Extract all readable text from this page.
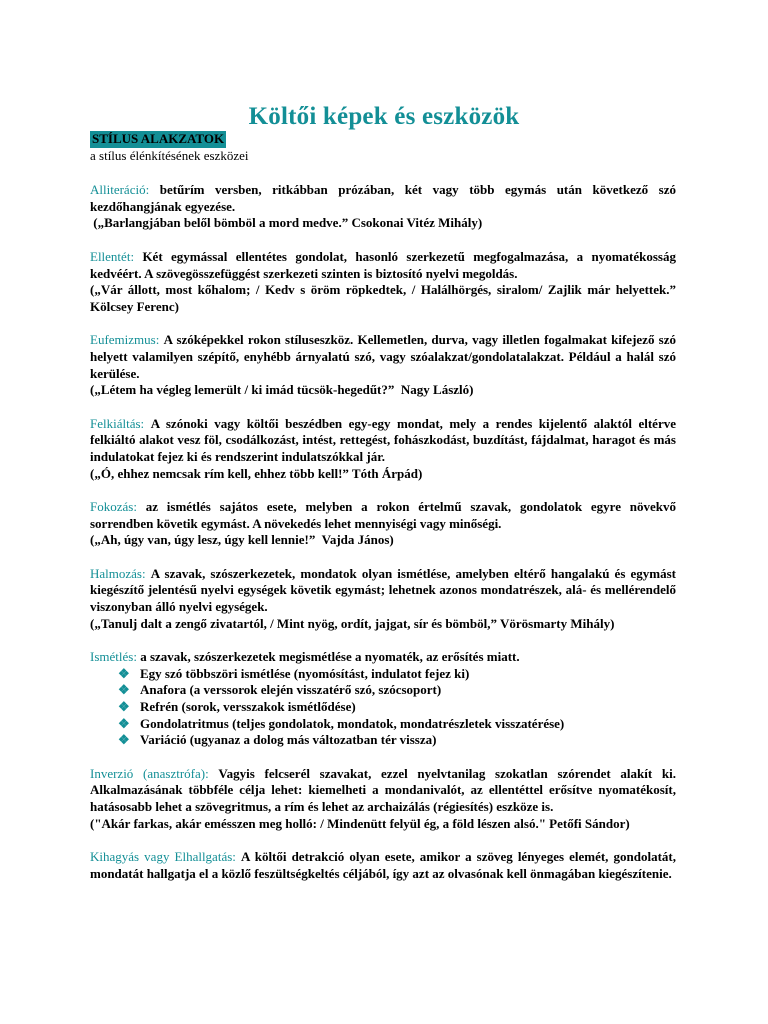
Költői képek és eszközök
STÍLUS ALAKZATOK

a stílus élénkítésének eszközei

Alliteráció: betűrím versben, ritkábban prózában, két vagy több egymás után következő szó kezdőhangjának egyezése.

(„Barlangjában belől bömböl a mord medve.” Csokonai Vitéz Mihály)

Ellentét: Két egymással ellentétes gondolat, hasonló szerkezetű megfogalmazása, a nyomatékosság kedvéért. A szövegösszefüggést szerkezeti szinten is biztosító nyelvi megoldás.

(„Vár állott, most kőhalom; / Kedv s öröm röpkedtek, / Halálhörgés, siralom/ Zajlik már helyettek.” Kölcsey Ferenc)

Eufemizmus: A szóképekkel rokon stíluseszköz. Kellemetlen, durva, vagy illetlen fogalmakat kifejező szó helyett valamilyen szépítő, enyhébb árnyalatú szó, vagy szóalakzat/gondolatalakzat. Például a halál szó kerülése.

(„Létem ha végleg lemerült / ki imád tücsök-hegedűt?”  Nagy László)

Felkiáltás: A szónoki vagy költői beszédben egy-egy mondat, mely a rendes kijelentő alaktól eltérve felkiáltó alakot vesz föl, csodálkozást, intést, rettegést, fohászkodást, buzdítást, fájdalmat, haragot és más indulatokat fejez ki és rendszerint indulatszókkal jár.

(„Ó, ehhez nemcsak rím kell, ehhez több kell!” Tóth Árpád)

Fokozás: az ismétlés sajátos esete, melyben a rokon értelmű szavak, gondolatok egyre növekvő sorrendben követik egymást. A növekedés lehet mennyiségi vagy minőségi.

(„Ah, úgy van, úgy lesz, úgy kell lennie!”  Vajda János)

Halmozás: A szavak, szószerkezetek, mondatok olyan ismétlése, amelyben eltérő hangalakú és egymást kiegészítő jelentésű nyelvi egységek követik egymást; lehetnek azonos mondatrészek, alá- és mellérendelő viszonyban álló nyelvi egységek.

(„Tanulj dalt a zengő zivatartól, / Mint nyög, ordít, jajgat, sír és bömböl,” Vörösmarty Mihály)

Ismétlés: a szavak, szószerkezetek megismétlése a nyomaték, az erősítés miatt.

❖ Egy szó többszöri ismétlése (nyomósítást, indulatot fejez ki)
❖ Anafora (a verssorok elején visszatérő szó, szócsoport)
❖ Refrén (sorok, versszakok ismétlődése)
❖ Gondolatritmus (teljes gondolatok, mondatok, mondatrészletek visszatérése)
❖ Variáció (ugyanaz a dolog más változatban tér vissza)

Inverzió (anasztrófa): Vagyis felcserél szavakat, ezzel nyelvtanilag szokatlan szórendet alakít ki. Alkalmazásának többféle célja lehet: kiemelheti a mondanivalót, az ellentéttel erősítve nyomatékosít, hatásosabb lehet a szövegritmus, a rím és lehet az archaizálás (régiesítés) eszköze is.

("Akár farkas, akár emésszen meg holló: / Mindenütt felyül ég, a föld lészen alsó." Petőfi Sándor)

Kihagyás vagy Elhallgatás: A költői detrakció olyan esete, amikor a szöveg lényeges elemét, gondolatát, mondatát hallgatja el a közlő feszültségkeltés céljából, így azt az olvasónak kell önmagában kiegészítenie.
